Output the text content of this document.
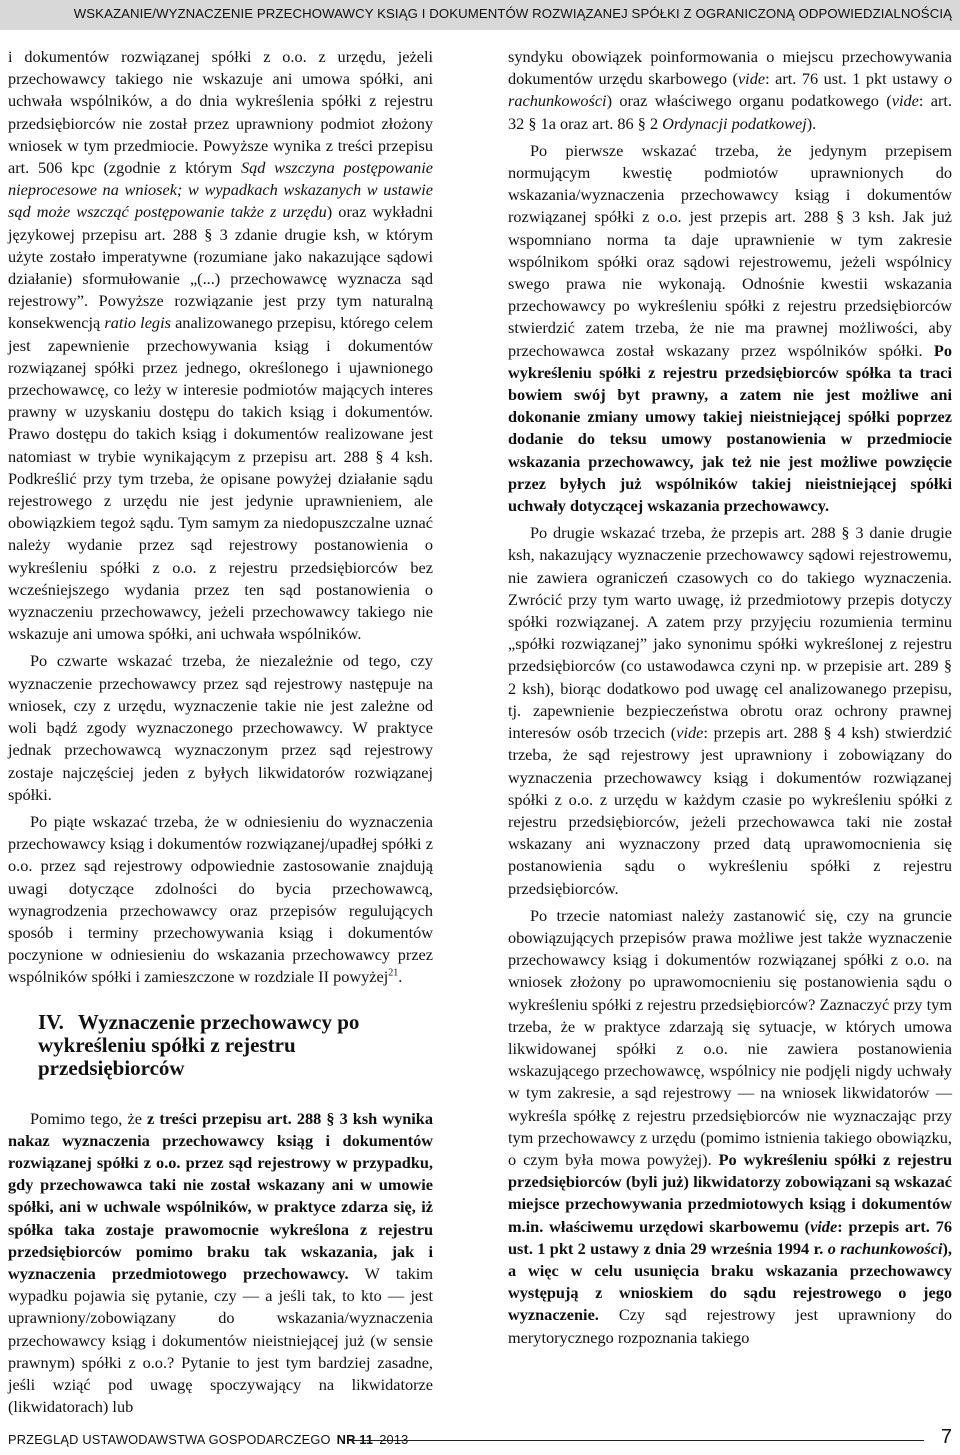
WSKAZANIE/WYZNACZENIE PRZECHOWAWCY KSIĄG I DOKUMENTÓW ROZWIĄZANEJ SPÓŁKI Z OGRANICZONĄ ODPOWIEDZIALNOŚCIĄ

i dokumentów rozwiązanej spółki z o.o. z urzędu, jeżeli przechowawcy takiego nie wskazuje ani umowa spółki, ani uchwała wspólników, a do dnia wykreślenia spółki z rejestru przedsiębiorców nie został przez uprawniony podmiot złożony wniosek w tym przedmiocie. Powyższe wynika z treści przepisu art. 506 kpc (zgodnie z którym Sąd wszczyna postępowanie nieprocesowe na wniosek; w wypadkach wskazanych w ustawie sąd może wszcząć postępowanie także z urzędu) oraz wykładni językowej przepisu art. 288 § 3 zdanie drugie ksh, w którym użyte zostało imperatywne (rozumiane jako nakazujące sądowi działanie) sformułowanie „(...) przechowawcę wyznacza sąd rejestrowy”. Powyższe rozwiązanie jest przy tym naturalną konsekwencją ratio legis analizowanego przepisu, którego celem jest zapewnienie przechowywania ksiąg i dokumentów rozwiązanej spółki przez jednego, określonego i ujawnionego przechowawcę, co leży w interesie podmiotów mających interes prawny w uzyskaniu dostępu do takich ksiąg i dokumentów. Prawo dostępu do takich ksiąg i dokumentów realizowane jest natomiast w trybie wynikającym z przepisu art. 288 § 4 ksh. Podkreślić przy tym trzeba, że opisane powyżej działanie sądu rejestrowego z urzędu nie jest jedynie uprawnieniem, ale obowiązkiem tegoż sądu. Tym samym za niedopuszczalne uznać należy wydanie przez sąd rejestrowy postanowienia o wykreśleniu spółki z o.o. z rejestru przedsiębiorców bez wcześniejszego wydania przez ten sąd postanowienia o wyznaczeniu przechowawcy, jeżeli przechowawcy takiego nie wskazuje ani umowa spółki, ani uchwała wspólników.

Po czwarte wskazać trzeba, że niezależnie od tego, czy wyznaczenie przechowawcy przez sąd rejestrowy następuje na wniosek, czy z urzędu, wyznaczenie takie nie jest zależne od woli bądź zgody wyznaczonego przechowawcy. W praktyce jednak przechowawcą wyznaczonym przez sąd rejestrowy zostaje najczęściej jeden z byłych likwidatorów rozwiązanej spółki.

Po piąte wskazać trzeba, że w odniesieniu do wyznaczenia przechowawcy ksiąg i dokumentów rozwiązanej/upadłej spółki z o.o. przez sąd rejestrowy odpowiednie zastosowanie znajdują uwagi dotyczące zdolności do bycia przechowawcą, wynagrodzenia przechowawcy oraz przepisów regulujących sposób i terminy przechowywania ksiąg i dokumentów poczynione w odniesieniu do wskazania przechowawcy przez wspólników spółki i zamieszczone w rozdziale II powyżej$^{21}$.

IV. Wyznaczenie przechowawcy po wykreśleniu spółki z rejestru przedsiębiorców

Pomimo tego, że z treści przepisu art. 288 § 3 ksh wynika nakaz wyznaczenia przechowawcy ksiąg i dokumentów rozwiązanej spółki z o.o. przez sąd rejestrowy w przypadku, gdy przechowawca taki nie został wskazany ani w umowie spółki, ani w uchwale wspólników, w praktyce zdarza się, iż spółka taka zostaje prawomocnie wykreślona z rejestru przedsiębiorców pomimo braku tak wskazania, jak i wyznaczenia przedmiotowego przechowawcy. W takim wypadku pojawia się pytanie, czy — a jeśli tak, to kto — jest uprawniony/zobowiązany do wskazania/wyznaczenia przechowawcy ksiąg i dokumentów nieistniejącej już (w sensie prawnym) spółki z o.o.? Pytanie to jest tym bardziej zasadne, jeśli wziąć pod uwagę spoczywający na likwidatorze (likwidatorach) lub

syndyku obowiązek poinformowania o miejscu przechowywania dokumentów urzędu skarbowego (vide: art. 76 ust. 1 pkt ustawy o rachunkowości) oraz właściwego organu podatkowego (vide: art. 32 § 1a oraz art. 86 § 2 Ordynacji podatkowej).

Po pierwsze wskazać trzeba, że jedynym przepisem normującym kwestię podmiotów uprawnionych do wskazania/wyznaczenia przechowawcy ksiąg i dokumentów rozwiązanej spółki z o.o. jest przepis art. 288 § 3 ksh. Jak już wspomniano norma ta daje uprawnienie w tym zakresie wspólnikom spółki oraz sądowi rejestrowemu, jeżeli wspólnicy swego prawa nie wykonają. Odnośnie kwestii wskazania przechowawcy po wykreśleniu spółki z rejestru przedsiębiorców stwierdzić zatem trzeba, że nie ma prawnej możliwości, aby przechowawca został wskazany przez wspólników spółki. Po wykreśleniu spółki z rejestru przedsiębiorców spółka ta traci bowiem swój byt prawny, a zatem nie jest możliwe ani dokonanie zmiany umowy takiej nieistniejącej spółki poprzez dodanie do teksu umowy postanowienia w przedmiocie wskazania przechowawcy, jak też nie jest możliwe powzięcie przez byłych już wspólników takiej nieistniejącej spółki uchwały dotyczącej wskazania przechowawcy.

Po drugie wskazać trzeba, że przepis art. 288 § 3 danie drugie ksh, nakazujący wyznaczenie przechowawcy sądowi rejestrowemu, nie zawiera ograniczeń czasowych co do takiego wyznaczenia. Zwrócić przy tym warto uwagę, iż przedmiotowy przepis dotyczy spółki rozwiązanej. A zatem przy przyjęciu rozumienia terminu „spółki rozwiązanej” jako synonimu spółki wykreślonej z rejestru przedsiębiorców (co ustawodawca czyni np. w przepisie art. 289 § 2 ksh), biorąc dodatkowo pod uwagę cel analizowanego przepisu, tj. zapewnienie bezpieczeństwa obrotu oraz ochrony prawnej interesów osób trzecich (vide: przepis art. 288 § 4 ksh) stwierdzić trzeba, że sąd rejestrowy jest uprawniony i zobowiązany do wyznaczenia przechowawcy ksiąg i dokumentów rozwiązanej spółki z o.o. z urzędu w każdym czasie po wykreśleniu spółki z rejestru przedsiębiorców, jeżeli przechowawca taki nie został wskazany ani wyznaczony przed datą uprawomocnienia się postanowienia sądu o wykreśleniu spółki z rejestru przedsiębiorców.

Po trzecie natomiast należy zastanowić się, czy na gruncie obowiązujących przepisów prawa możliwe jest także wyznaczenie przechowawcy ksiąg i dokumentów rozwiązanej spółki z o.o. na wniosek złożony po uprawomocnieniu się postanowienia sądu o wykreśleniu spółki z rejestru przedsiębiorców? Zaznaczyć przy tym trzeba, że w praktyce zdarzają się sytuacje, w których umowa likwidowanej spółki z o.o. nie zawiera postanowienia wskazującego przechowawcę, wspólnicy nie podjęli nigdy uchwały w tym zakresie, a sąd rejestrowy — na wniosek likwidatorów — wykreśla spółkę z rejestru przedsiębiorców nie wyznaczając przy tym przechowawcy z urzędu (pomimo istnienia takiego obowiązku, o czym była mowa powyżej). Po wykreśleniu spółki z rejestru przedsiębiorców (byli już) likwidatorzy zobowiązani są wskazać miejsce przechowywania przedmiotowych ksiąg i dokumentów m.in. właściwemu urzędowi skarbowemu (vide: przepis art. 76 ust. 1 pkt 2 ustawy z dnia 29 września 1994 r. o rachunkowości), a więc w celu usunięcia braku wskazania przechowawcy występują z wnioskiem do sądu rejestrowego o jego wyznaczenie. Czy sąd rejestrowy jest uprawniony do merytorycznego rozpoznania takiego

PRZEGLĄD USTAWODAWSTWA GOSPODARCZEGO NR 11 2013	7
